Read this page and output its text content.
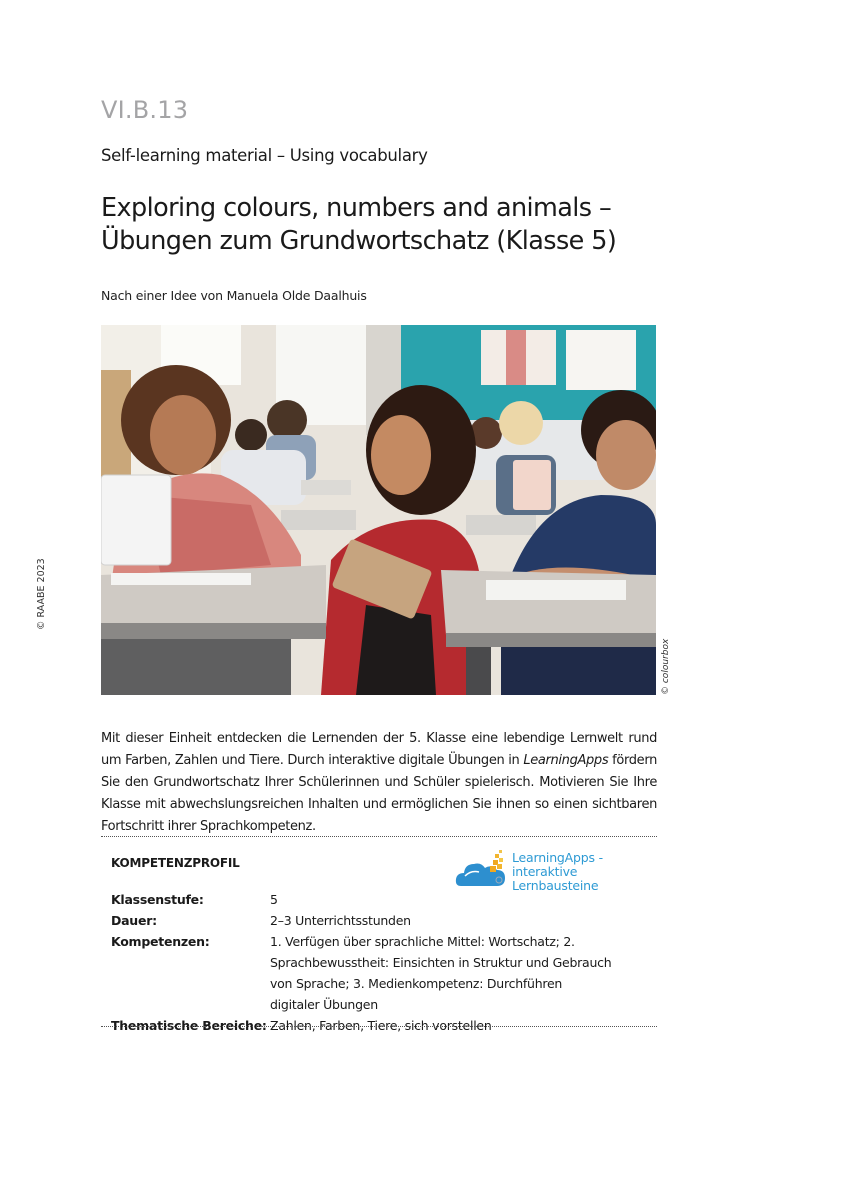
VI.B.13
Self-learning material – Using vocabulary
Exploring colours, numbers and animals –
Übungen zum Grundwortschatz (Klasse 5)
Nach einer Idee von Manuela Olde Daalhuis
© colourbox
© RAABE 2023
Mit dieser Einheit entdecken die Lernenden der 5. Klasse eine lebendige Lernwelt rund um Farben, Zahlen und Tiere. Durch interaktive digitale Übungen in LearningApps fördern Sie den Grundwortschatz Ihrer Schülerinnen und Schüler spielerisch. Motivieren Sie Ihre Klasse mit abwechslungsreichen Inhalten und ermöglichen Sie ihnen so einen sichtbaren Fortschritt ihrer Sprachkompetenz.
LearningApps -
interaktive Lernbausteine
KOMPETENZPROFIL
Klassenstufe:	5
Dauer:	2–3 Unterrichtsstunden
Kompetenzen:	1. Verfügen über sprachliche Mittel: Wortschatz; 2. Sprachbewusstheit: Einsichten in Struktur und Gebrauch von Sprache; 3. Medienkompetenz: Durchführen digitaler Übungen
Thematische Bereiche: Zahlen, Farben, Tiere, sich vorstellen
